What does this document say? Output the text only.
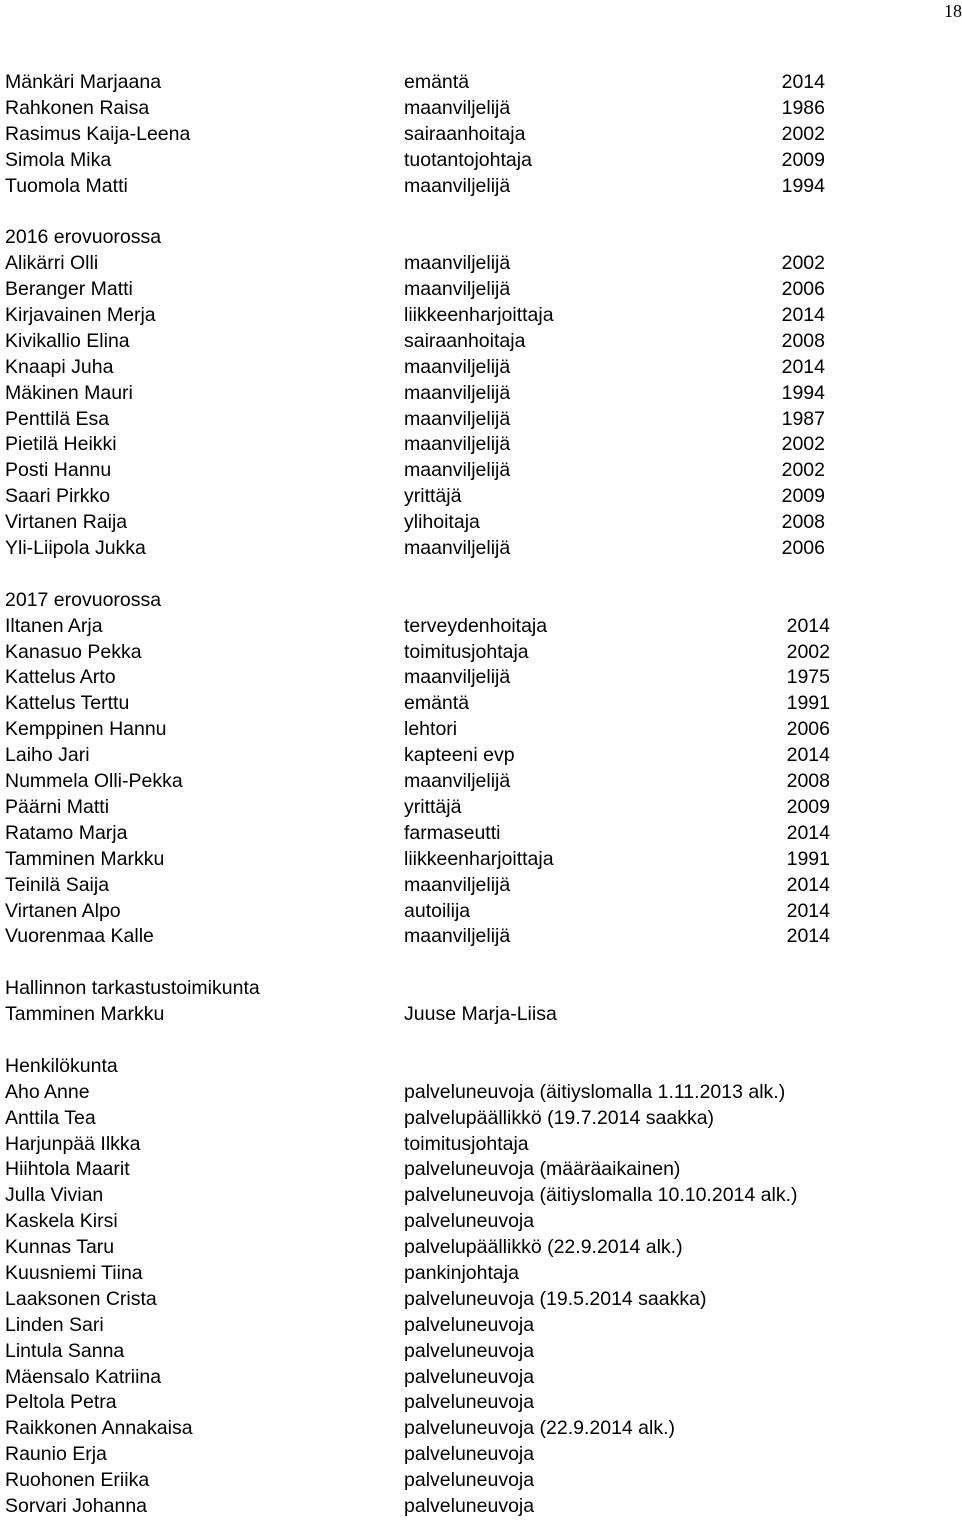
18
Mänkäri Marjaana	emäntä	2014
Rahkonen Raisa	maanviljelijä	1986
Rasimus Kaija-Leena	sairaanhoitaja	2002
Simola Mika	tuotantojohtaja	2009
Tuomola Matti	maanviljelijä	1994
2016 erovuorossa
Alikärri Olli	maanviljelijä	2002
Beranger Matti	maanviljelijä	2006
Kirjavainen Merja	liikkeenharjoittaja	2014
Kivikallio Elina	sairaanhoitaja	2008
Knaapi Juha	maanviljelijä	2014
Mäkinen Mauri	maanviljelijä	1994
Penttilä Esa	maanviljelijä	1987
Pietilä Heikki	maanviljelijä	2002
Posti Hannu	maanviljelijä	2002
Saari Pirkko	yrittäjä	2009
Virtanen Raija	ylihoitaja	2008
Yli-Liipola Jukka	maanviljelijä	2006
2017 erovuorossa
Iltanen Arja	terveydenhoitaja	2014
Kanasuo Pekka	toimitusjohtaja	2002
Kattelus Arto	maanviljelijä	1975
Kattelus Terttu	emäntä	1991
Kemppinen Hannu	lehtori	2006
Laiho Jari	kapteeni evp	2014
Nummela Olli-Pekka	maanviljelijä	2008
Päärni Matti	yrittäjä	2009
Ratamo Marja	farmaseutti	2014
Tamminen Markku	liikkeenharjoittaja	1991
Teinilä Saija	maanviljelijä	2014
Virtanen Alpo	autoilija	2014
Vuorenmaa Kalle	maanviljelijä	2014
Hallinnon tarkastustoimikunta
Tamminen Markku	Juuse Marja-Liisa
Henkilökunta
Aho Anne	palveluneuvoja (äitiyslomalla 1.11.2013 alk.)
Anttila Tea	palvelupäällikkö (19.7.2014 saakka)
Harjunpää Ilkka	toimitusjohtaja
Hiihtola Maarit	palveluneuvoja (määräaikainen)
Julla Vivian	palveluneuvoja (äitiyslomalla 10.10.2014 alk.)
Kaskela Kirsi	palveluneuvoja
Kunnas Taru	palvelupäällikkö (22.9.2014 alk.)
Kuusniemi Tiina	pankinjohtaja
Laaksonen Crista	palveluneuvoja (19.5.2014 saakka)
Linden Sari	palveluneuvoja
Lintula Sanna	palveluneuvoja
Mäensalo Katriina	palveluneuvoja
Peltola Petra	palveluneuvoja
Raikkonen Annakaisa	palveluneuvoja (22.9.2014 alk.)
Raunio Erja	palveluneuvoja
Ruohonen Eriika	palveluneuvoja
Sorvari Johanna	palveluneuvoja
